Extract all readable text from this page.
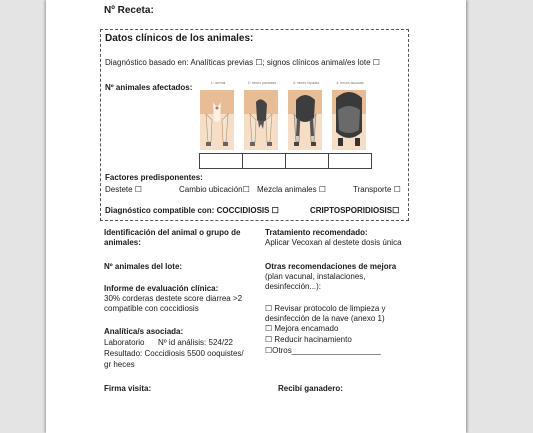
Nº Receta:
Datos clínicos de los animales:
Diagnóstico basado en: Analíticas previas ☐; signos clínicos animal/es lote ☐
Nº animales afectados:	1: normal	2: heces pastosas	3: heces líquidas	4: heces acuosas
Factores predisponentes:
Destete ☐	Cambio ubicación☐ Mezcla animales ☐	Transporte ☐
Diagnóstico compatible con: COCCIDIOSIS ☐	CRIPTOSPORIDIOSIS☐
Identificación del animal o grupo de
animales:
Nº animales del lote:
Informe de evaluación clínica:
30% corderas destete score diarrea >2
compatible con coccidiosis
Analítica/s asociada:
Laboratorio Nº id análisis: 524/22
Resultado: Coccidiosis 5500 ooquistes/
gr heces
Firma visita:
Tratamiento recomendado:
Aplicar Vecoxan al destete dosis única
Otras recomendaciones de mejora
(plan vacunal, instalaciones,
desinfección...):
☐ Revisar protocolo de limpieza y
desinfección de la nave (anexo 1)
☐ Mejora encamado
☐ Reducir hacinamiento
☐Otros____________________
Recibí ganadero:
